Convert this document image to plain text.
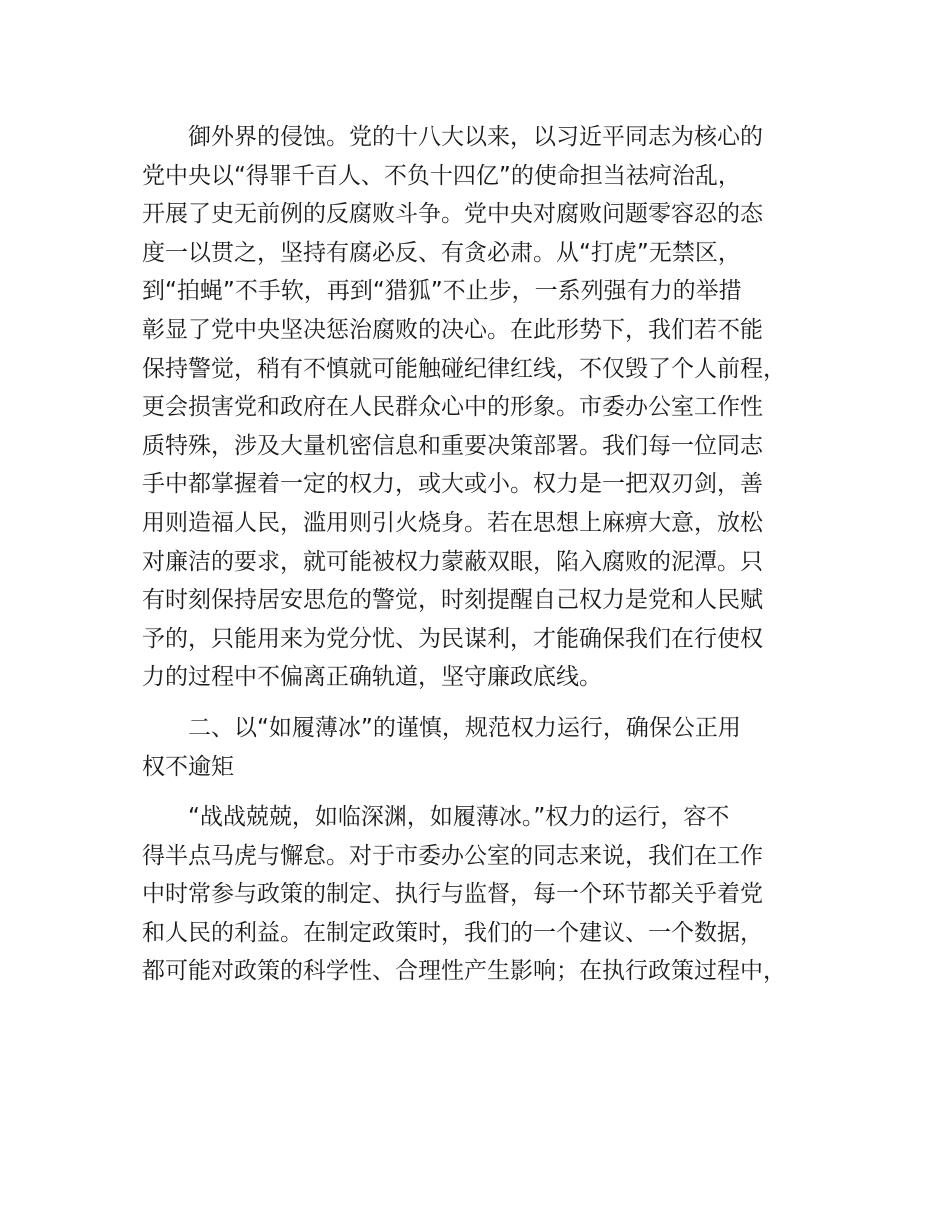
御外界的侵蚀。党的十八大以来，以习近平同志为核心的
党中央以“得罪千百人、不负十四亿”的使命担当祛疴治乱，
开展了史无前例的反腐败斗争。党中央对腐败问题零容忍的态
度一以贯之，坚持有腐必反、有贪必肃。从“打虎”无禁区，
到“拍蝇”不手软，再到“猎狐”不止步，一系列强有力的举措
彰显了党中央坚决惩治腐败的决心。在此形势下，我们若不能
保持警觉，稍有不慎就可能触碰纪律红线，不仅毁了个人前程，
更会损害党和政府在人民群众心中的形象。市委办公室工作性
质特殊，涉及大量机密信息和重要决策部署。我们每一位同志
手中都掌握着一定的权力，或大或小。权力是一把双刃剑，善
用则造福人民，滥用则引火烧身。若在思想上麻痹大意，放松
对廉洁的要求，就可能被权力蒙蔽双眼，陷入腐败的泥潭。只
有时刻保持居安思危的警觉，时刻提醒自己权力是党和人民赋
予的，只能用来为党分忧、为民谋利，才能确保我们在行使权
力的过程中不偏离正确轨道，坚守廉政底线。
二、以“如履薄冰”的谨慎，规范权力运行，确保公正用
权不逾矩
“战战兢兢，如临深渊，如履薄冰。”权力的运行，容不
得半点马虎与懈怠。对于市委办公室的同志来说，我们在工作
中时常参与政策的制定、执行与监督，每一个环节都关乎着党
和人民的利益。在制定政策时，我们的一个建议、一个数据，
都可能对政策的科学性、合理性产生影响；在执行政策过程中，
